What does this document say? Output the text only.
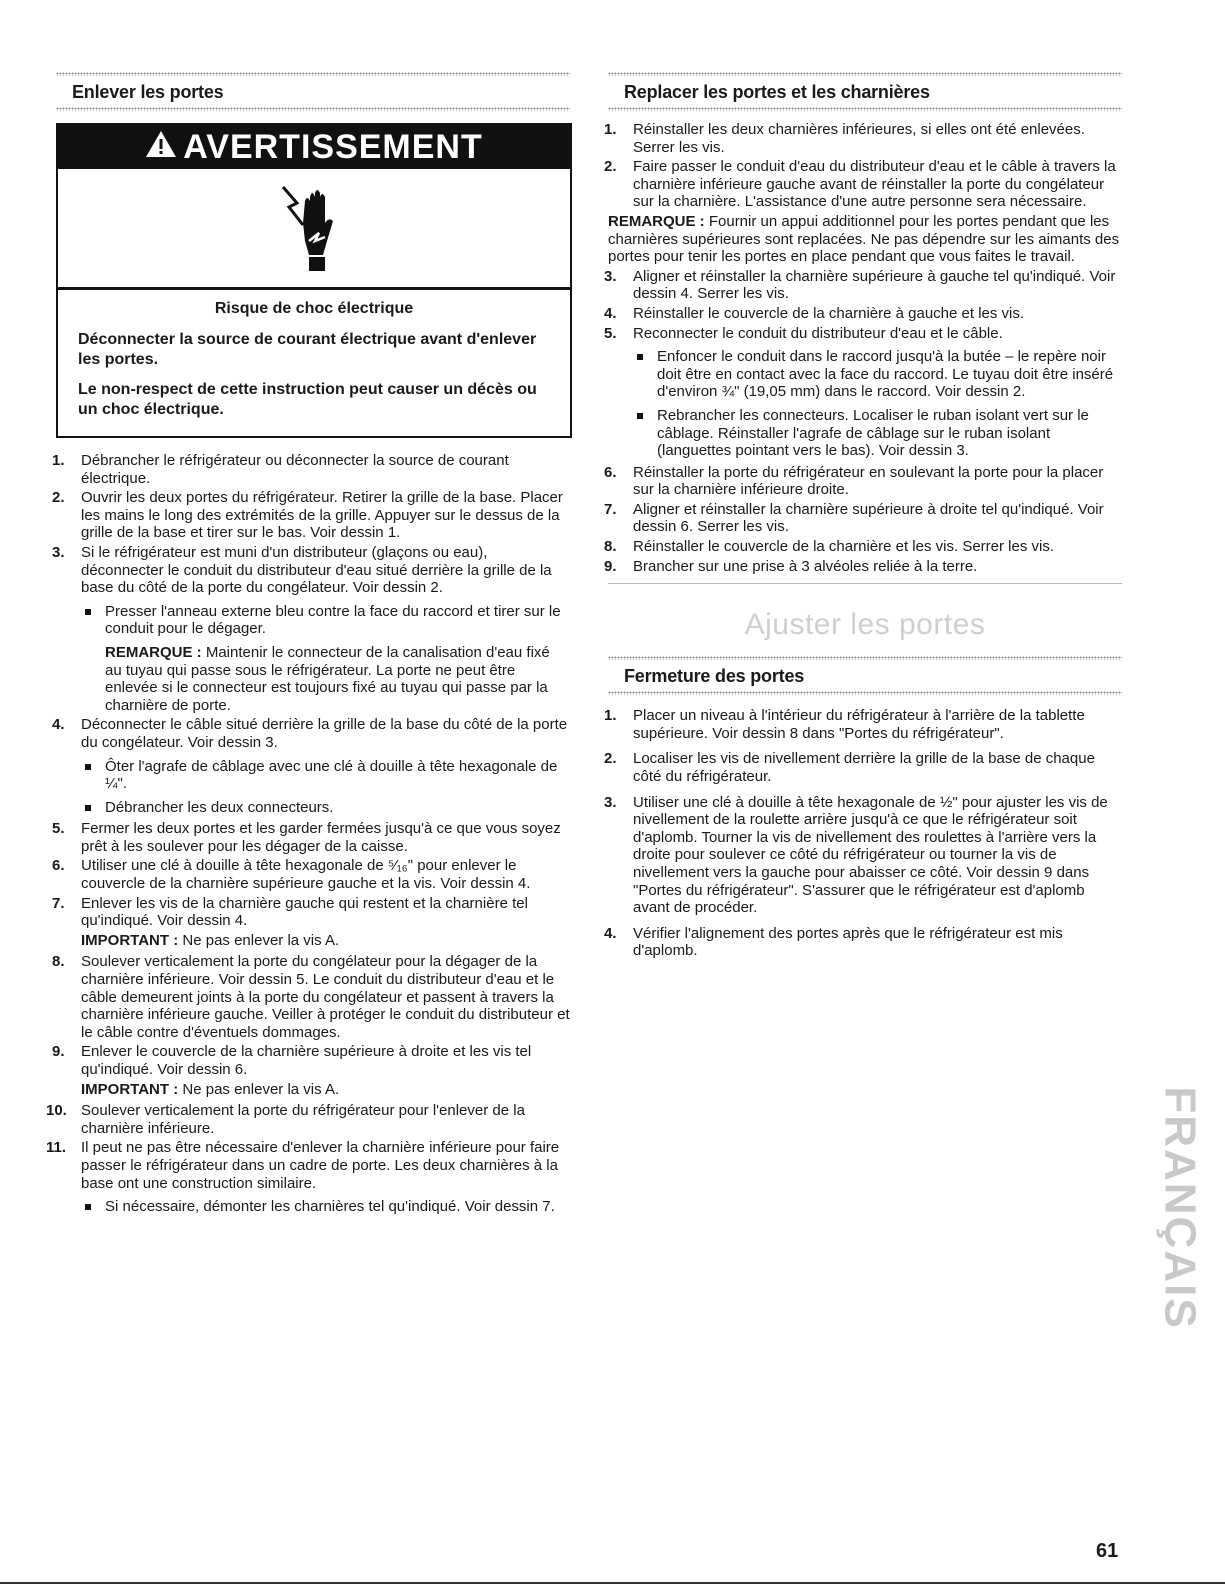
Enlever les portes
AVERTISSEMENT
Risque de choc électrique
Déconnecter la source de courant électrique avant d'enlever les portes.
Le non-respect de cette instruction peut causer un décès ou un choc électrique.
1.	Débrancher le réfrigérateur ou déconnecter la source de courant électrique.
2.	Ouvrir les deux portes du réfrigérateur. Retirer la grille de la base. Placer les mains le long des extrémités de la grille. Appuyer sur le dessus de la grille de la base et tirer sur le bas. Voir dessin 1.
3.	Si le réfrigérateur est muni d'un distributeur (glaçons ou eau), déconnecter le conduit du distributeur d'eau situé derrière la grille de la base du côté de la porte du congélateur. Voir dessin 2.
Presser l'anneau externe bleu contre la face du raccord et tirer sur le conduit pour le dégager.
REMARQUE : Maintenir le connecteur de la canalisation d'eau fixé au tuyau qui passe sous le réfrigérateur. La porte ne peut être enlevée si le connecteur est toujours fixé au tuyau qui passe par la charnière de porte.
4.	Déconnecter le câble situé derrière la grille de la base du côté de la porte du congélateur. Voir dessin 3.
Ôter l'agrafe de câblage avec une clé à douille à tête hexagonale de ¼".
Débrancher les deux connecteurs.
5.	Fermer les deux portes et les garder fermées jusqu'à ce que vous soyez prêt à les soulever pour les dégager de la caisse.
6.	Utiliser une clé à douille à tête hexagonale de ⁵⁄₁₆" pour enlever le couvercle de la charnière supérieure gauche et la vis. Voir dessin 4.
7.	Enlever les vis de la charnière gauche qui restent et la charnière tel qu'indiqué. Voir dessin 4.
IMPORTANT : Ne pas enlever la vis A.
8.	Soulever verticalement la porte du congélateur pour la dégager de la charnière inférieure. Voir dessin 5. Le conduit du distributeur d'eau et le câble demeurent joints à la porte du congélateur et passent à travers la charnière inférieure gauche. Veiller à protéger le conduit du distributeur et le câble contre d'éventuels dommages.
9.	Enlever le couvercle de la charnière supérieure à droite et les vis tel qu'indiqué. Voir dessin 6.
IMPORTANT : Ne pas enlever la vis A.
10. Soulever verticalement la porte du réfrigérateur pour l'enlever de la charnière inférieure.
11. Il peut ne pas être nécessaire d'enlever la charnière inférieure pour faire passer le réfrigérateur dans un cadre de porte. Les deux charnières à la base ont une construction similaire.
Si nécessaire, démonter les charnières tel qu'indiqué. Voir dessin 7.
Replacer les portes et les charnières
1.	Réinstaller les deux charnières inférieures, si elles ont été enlevées. Serrer les vis.
2.	Faire passer le conduit d'eau du distributeur d'eau et le câble à travers la charnière inférieure gauche avant de réinstaller la porte du congélateur sur la charnière. L'assistance d'une autre personne sera nécessaire.
REMARQUE : Fournir un appui additionnel pour les portes pendant que les charnières supérieures sont replacées. Ne pas dépendre sur les aimants des portes pour tenir les portes en place pendant que vous faites le travail.
3.	Aligner et réinstaller la charnière supérieure à gauche tel qu'indiqué. Voir dessin 4. Serrer les vis.
4.	Réinstaller le couvercle de la charnière à gauche et les vis.
5.	Reconnecter le conduit du distributeur d'eau et le câble.
Enfoncer le conduit dans le raccord jusqu'à la butée – le repère noir doit être en contact avec la face du raccord. Le tuyau doit être inséré d'environ ¾" (19,05 mm) dans le raccord. Voir dessin 2.
Rebrancher les connecteurs. Localiser le ruban isolant vert sur le câblage. Réinstaller l'agrafe de câblage sur le ruban isolant (languettes pointant vers le bas). Voir dessin 3.
6.	Réinstaller la porte du réfrigérateur en soulevant la porte pour la placer sur la charnière inférieure droite.
7.	Aligner et réinstaller la charnière supérieure à droite tel qu'indiqué. Voir dessin 6. Serrer les vis.
8.	Réinstaller le couvercle de la charnière et les vis. Serrer les vis.
9.	Brancher sur une prise à 3 alvéoles reliée à la terre.
Ajuster les portes
Fermeture des portes
1.	Placer un niveau à l'intérieur du réfrigérateur à l'arrière de la tablette supérieure. Voir dessin 8 dans "Portes du réfrigérateur".
2.	Localiser les vis de nivellement derrière la grille de la base de chaque côté du réfrigérateur.
3.	Utiliser une clé à douille à tête hexagonale de ½" pour ajuster les vis de nivellement de la roulette arrière jusqu'à ce que le réfrigérateur soit d'aplomb. Tourner la vis de nivellement des roulettes à l'arrière vers la droite pour soulever ce côté du réfrigérateur ou tourner la vis de nivellement vers la gauche pour abaisser ce côté. Voir dessin 9 dans "Portes du réfrigérateur". S'assurer que le réfrigérateur est d'aplomb avant de procéder.
4.	Vérifier l'alignement des portes après que le réfrigérateur est mis d'aplomb.
FRANÇAIS
61
